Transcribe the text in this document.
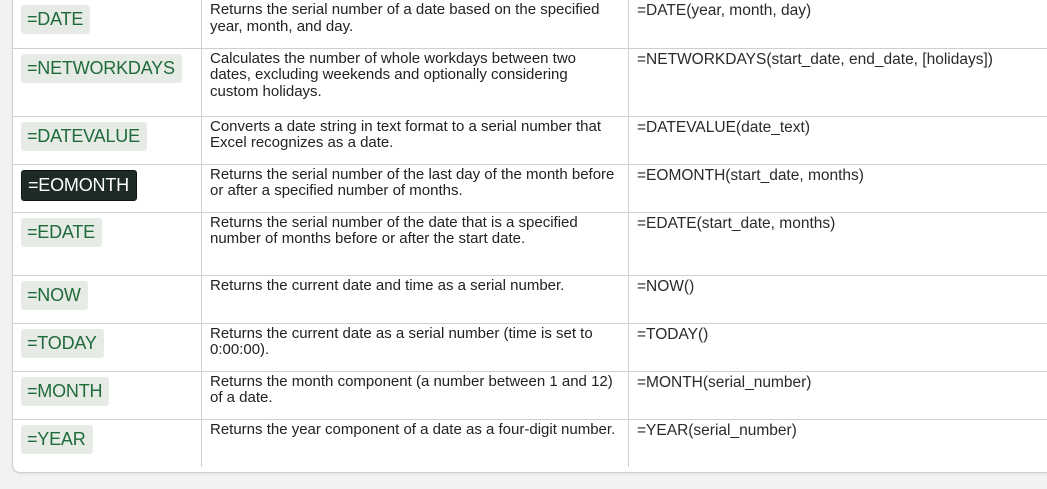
=DATE	Returns the serial number of a date based on the specified year, month, and day.	=DATE(year, month, day)

=NETWORKDAYS	Calculates the number of whole workdays between two dates, excluding weekends and optionally considering custom holidays.	=NETWORKDAYS(start_date, end_date, [holidays])

=DATEVALUE	Converts a date string in text format to a serial number that Excel recognizes as a date.	=DATEVALUE(date_text)

=EOMONTH	Returns the serial number of the last day of the month before or after a specified number of months.	=EOMONTH(start_date, months)

=EDATE	Returns the serial number of the date that is a specified number of months before or after the start date.	=EDATE(start_date, months)

=NOW	Returns the current date and time as a serial number.	=NOW()

=TODAY	Returns the current date as a serial number (time is set to 0:00:00).	=TODAY()

=MONTH	Returns the month component (a number between 1 and 12) of a date.	=MONTH(serial_number)

=YEAR	Returns the year component of a date as a four-digit number.	=YEAR(serial_number)
